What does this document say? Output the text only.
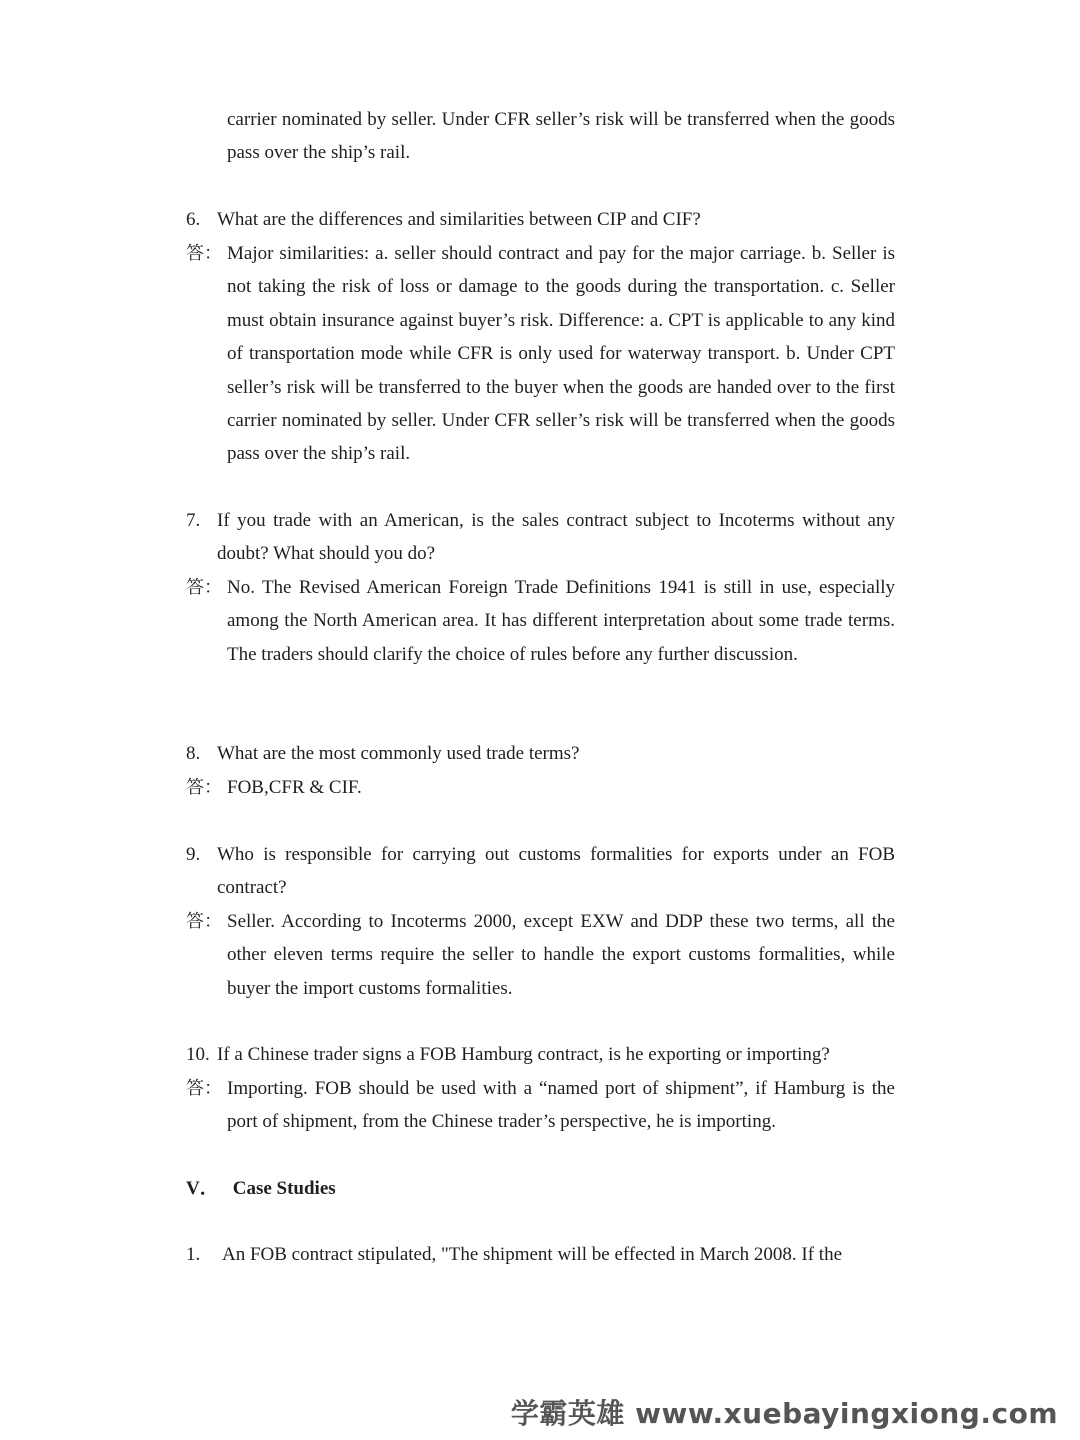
carrier nominated by seller. Under CFR seller’s risk will be transferred when the goods pass over the ship’s rail.

6. What are the differences and similarities between CIP and CIF?
答： Major similarities: a. seller should contract and pay for the major carriage. b. Seller is not taking the risk of loss or damage to the goods during the transportation. c. Seller must obtain insurance against buyer’s risk. Difference: a. CPT is applicable to any kind of transportation mode while CFR is only used for waterway transport. b. Under CPT seller’s risk will be transferred to the buyer when the goods are handed over to the first carrier nominated by seller. Under CFR seller’s risk will be transferred when the goods pass over the ship’s rail.
7. If you trade with an American, is the sales contract subject to Incoterms without any doubt? What should you do?
答： No. The Revised American Foreign Trade Definitions 1941 is still in use, especially among the North American area. It has different interpretation about some trade terms. The traders should clarify the choice of rules before any further discussion.
8. What are the most commonly used trade terms?
答： FOB,CFR & CIF.
9. Who is responsible for carrying out customs formalities for exports under an FOB contract?
答： Seller. According to Incoterms 2000, except EXW and DDP these two terms, all the other eleven terms require the seller to handle the export customs formalities, while buyer the import customs formalities.
10. If a Chinese trader signs a FOB Hamburg contract, is he exporting or importing?
答： Importing. FOB should be used with a “named port of shipment”, if Hamburg is the port of shipment, from the Chinese trader’s perspective, he is importing.
V． Case Studies
1. An FOB contract stipulated, "The shipment will be effected in March 2008. If the
学霸英雄 www.xuebayingxiong.com
